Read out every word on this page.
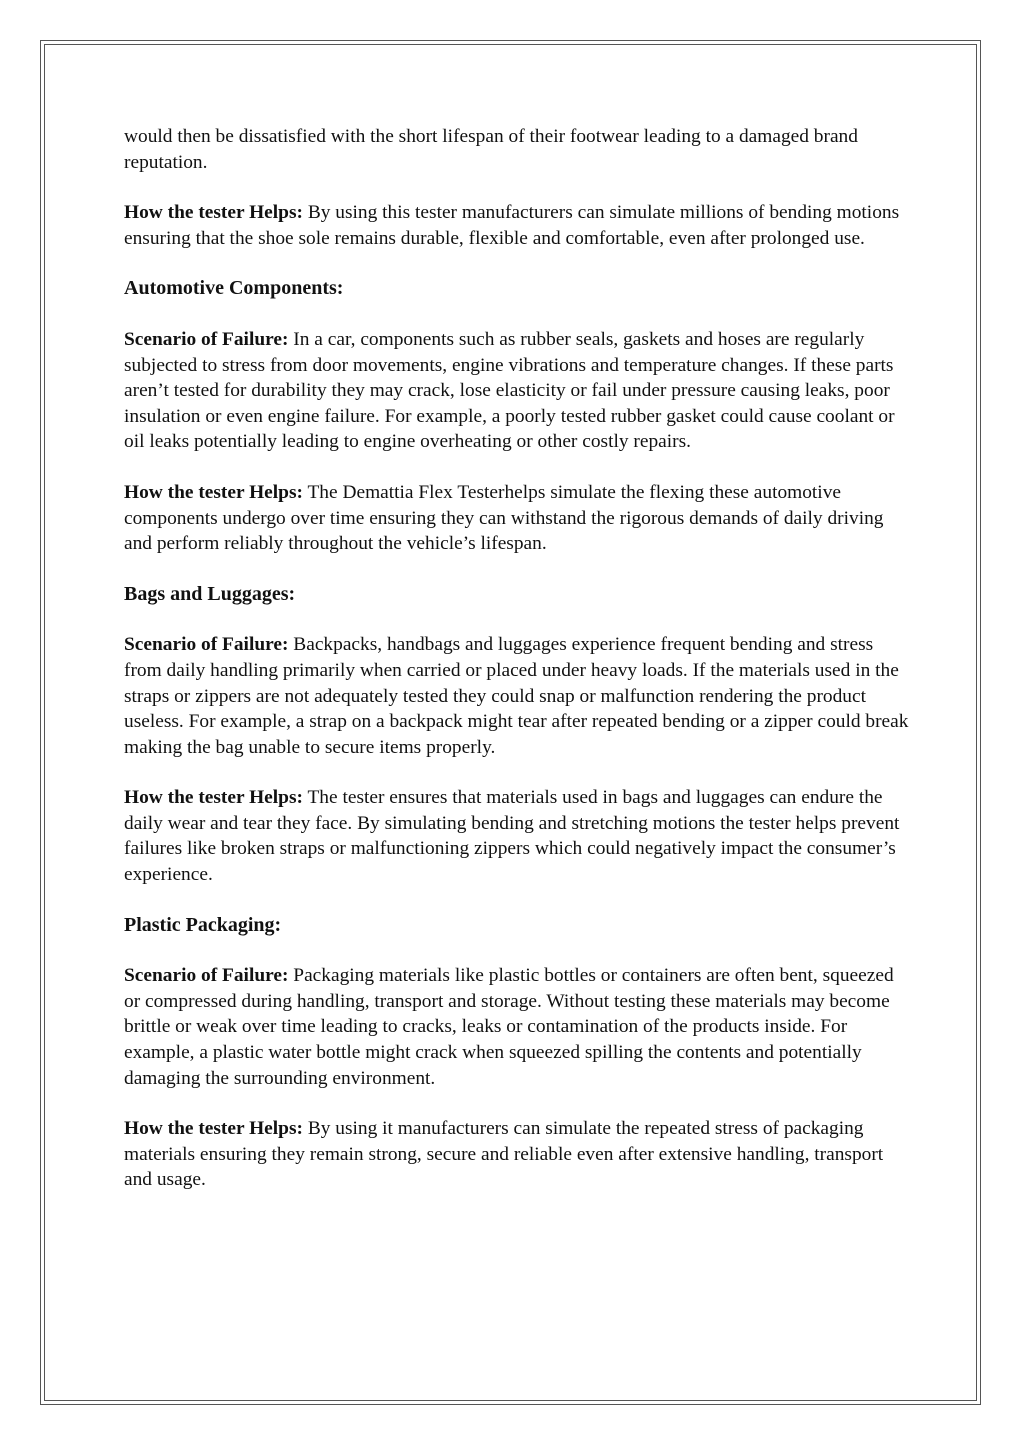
would then be dissatisfied with the short lifespan of their footwear leading to a damaged brand reputation.

How the tester Helps: By using this tester manufacturers can simulate millions of bending motions ensuring that the shoe sole remains durable, flexible and comfortable, even after prolonged use.

Automotive Components:

Scenario of Failure: In a car, components such as rubber seals, gaskets and hoses are regularly subjected to stress from door movements, engine vibrations and temperature changes. If these parts aren’t tested for durability they may crack, lose elasticity or fail under pressure causing leaks, poor insulation or even engine failure. For example, a poorly tested rubber gasket could cause coolant or oil leaks potentially leading to engine overheating or other costly repairs.

How the tester Helps: The Demattia Flex Testerhelps simulate the flexing these automotive components undergo over time ensuring they can withstand the rigorous demands of daily driving and perform reliably throughout the vehicle’s lifespan.

Bags and Luggages:

Scenario of Failure: Backpacks, handbags and luggages experience frequent bending and stress from daily handling primarily when carried or placed under heavy loads. If the materials used in the straps or zippers are not adequately tested they could snap or malfunction rendering the product useless. For example, a strap on a backpack might tear after repeated bending or a zipper could break making the bag unable to secure items properly.

How the tester Helps: The tester ensures that materials used in bags and luggages can endure the daily wear and tear they face. By simulating bending and stretching motions the tester helps prevent failures like broken straps or malfunctioning zippers which could negatively impact the consumer’s experience.

Plastic Packaging:

Scenario of Failure: Packaging materials like plastic bottles or containers are often bent, squeezed or compressed during handling, transport and storage. Without testing these materials may become brittle or weak over time leading to cracks, leaks or contamination of the products inside. For example, a plastic water bottle might crack when squeezed spilling the contents and potentially damaging the surrounding environment.

How the tester Helps: By using it manufacturers can simulate the repeated stress of packaging materials ensuring they remain strong, secure and reliable even after extensive handling, transport and usage.
